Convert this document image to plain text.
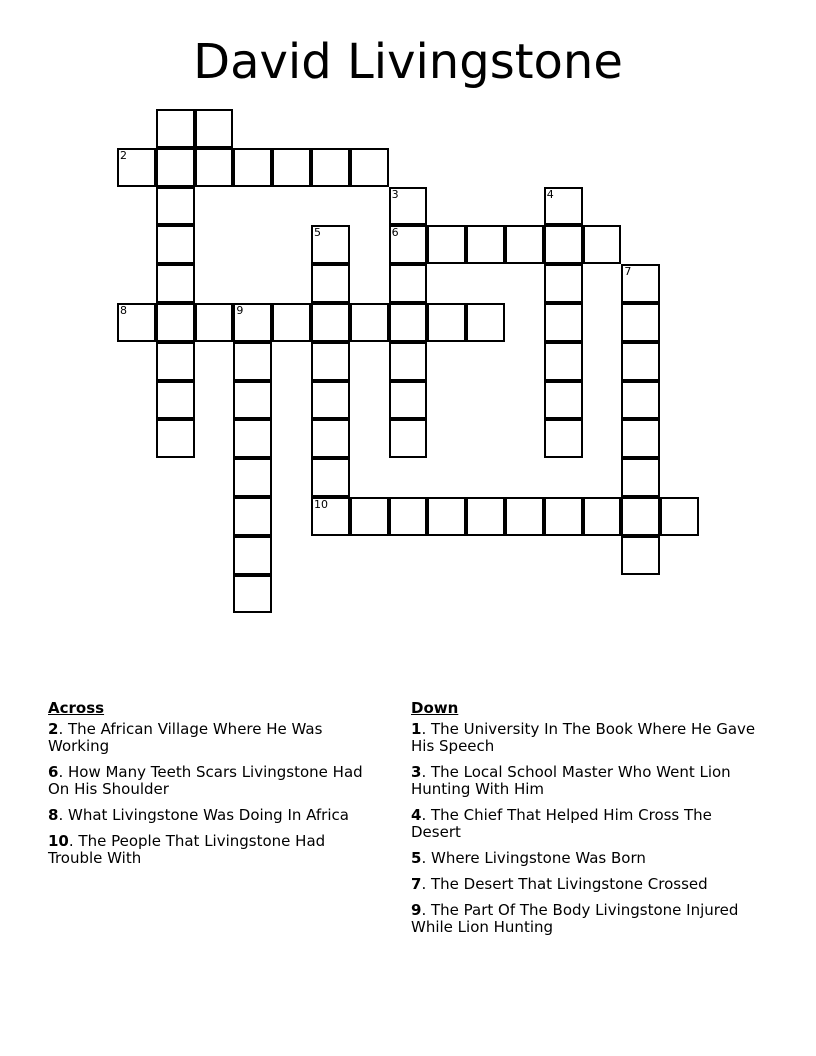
David Livingstone
2
3	4
5	6
7
8	9
10
Across
2. The African Village Where He Was Working
6. How Many Teeth Scars Livingstone Had On His Shoulder
8. What Livingstone Was Doing In Africa
10. The People That Livingstone Had Trouble With
Down
1. The University In The Book Where He Gave His Speech
3. The Local School Master Who Went Lion Hunting With Him
4. The Chief That Helped Him Cross The Desert
5. Where Livingstone Was Born
7. The Desert That Livingstone Crossed
9. The Part Of The Body Livingstone Injured While Lion Hunting
